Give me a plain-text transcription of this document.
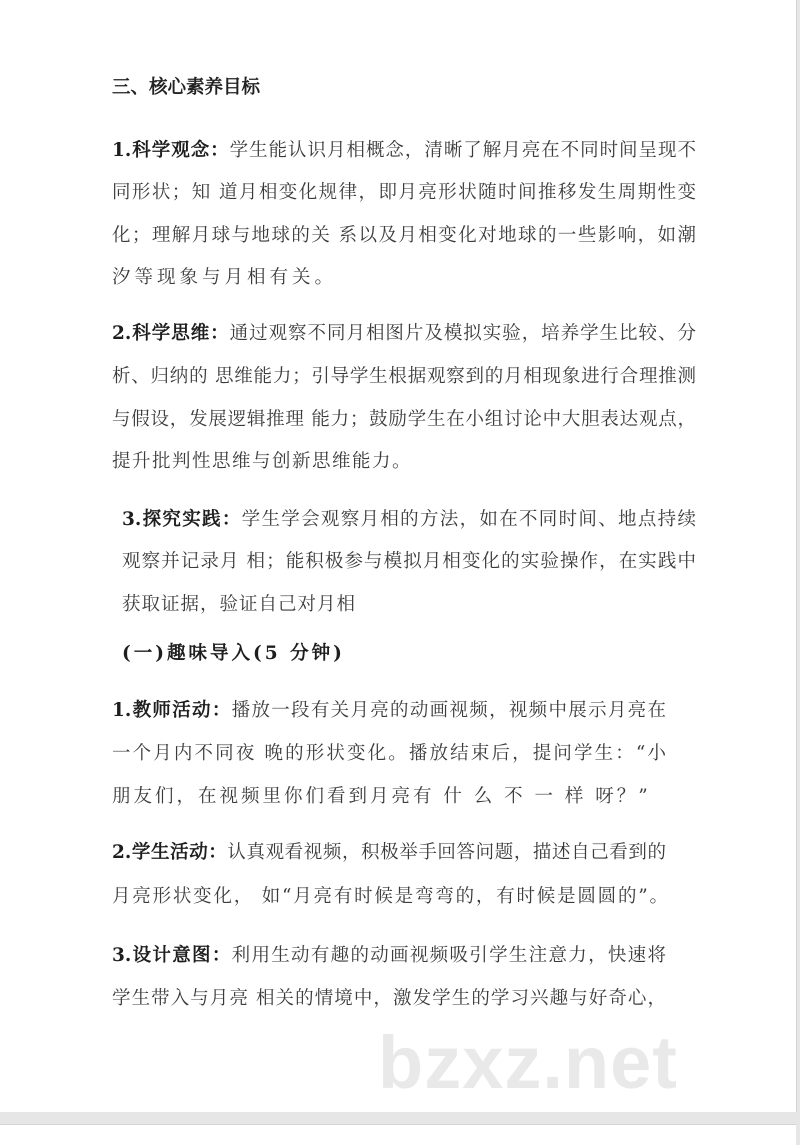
三、核心素养目标
1.科学观念：学生能认识月相概念，清晰了解月亮在不同时间呈现不
同形状；知 道月相变化规律，即月亮形状随时间推移发生周期性变
化；理解月球与地球的关 系以及月相变化对地球的一些影响，如潮
汐等现象与月相有关。
2.科学思维：通过观察不同月相图片及模拟实验，培养学生比较、分
析、归纳的 思维能力；引导学生根据观察到的月相现象进行合理推测
与假设，发展逻辑推理 能力；鼓励学生在小组讨论中大胆表达观点，
提升批判性思维与创新思维能力。
3.探究实践：学生学会观察月相的方法，如在不同时间、地点持续
观察并记录月 相；能积极参与模拟月相变化的实验操作，在实践中
获取证据，验证自己对月相
(一)趣味导入(5 分钟)
1.教师活动：播放一段有关月亮的动画视频，视频中展示月亮在
一个月内不同夜 晚的形状变化。播放结束后，提问学生：“小
朋友们，在视频里你们看到月亮有 什 么 不 一 样 呀？”
2.学生活动：认真观看视频，积极举手回答问题，描述自己看到的
月亮形状变化， 如“月亮有时候是弯弯的，有时候是圆圆的”。
3.设计意图：利用生动有趣的动画视频吸引学生注意力，快速将
学生带入与月亮 相关的情境中，激发学生的学习兴趣与好奇心，
bzxz.net
